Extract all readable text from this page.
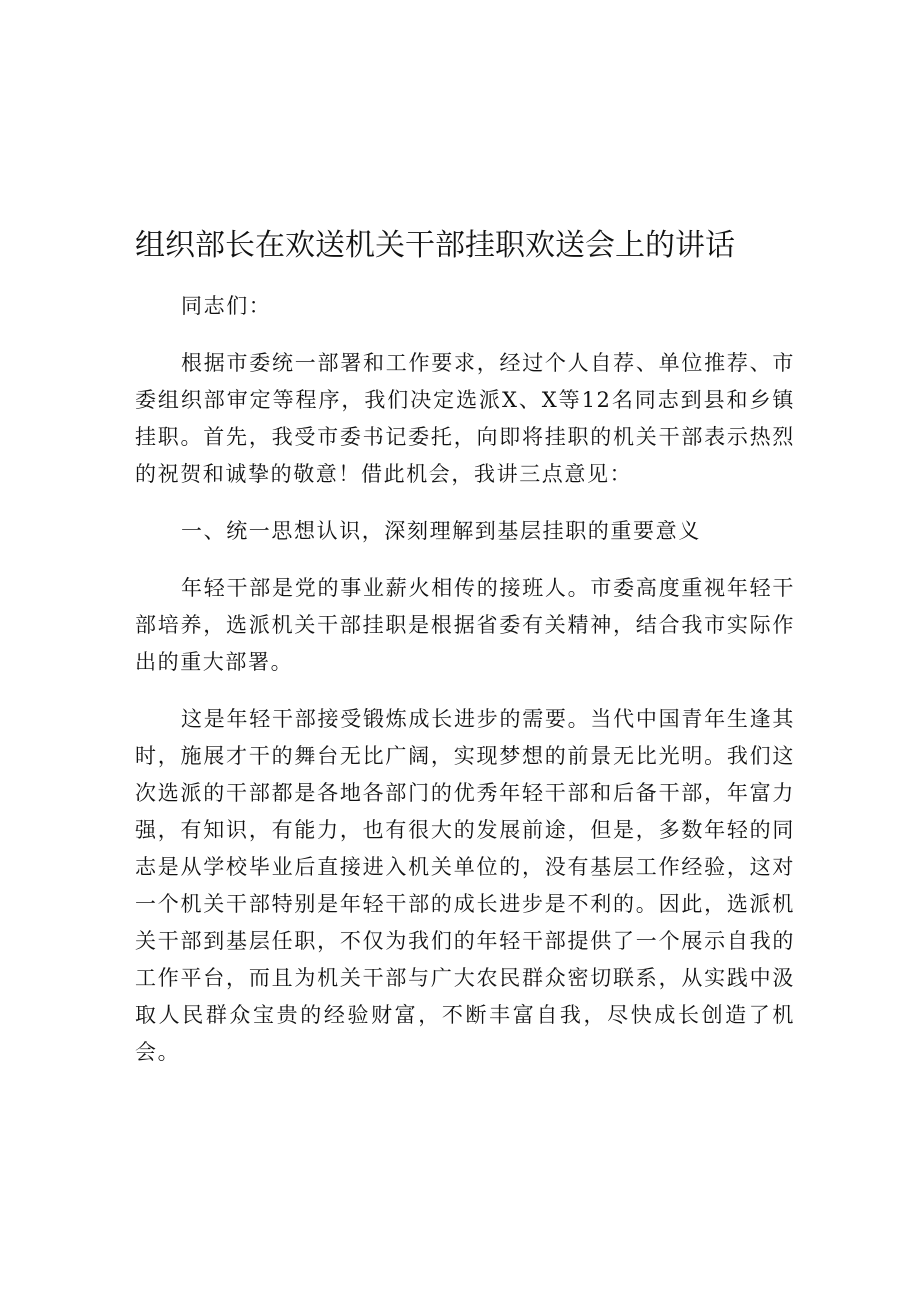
组织部长在欢送机关干部挂职欢送会上的讲话

同志们：

根据市委统一部署和工作要求，经过个人自荐、单位推荐、市委组织部审定等程序，我们决定选派X、X等12名同志到县和乡镇挂职。首先，我受市委书记委托，向即将挂职的机关干部表示热烈的祝贺和诚挚的敬意！借此机会，我讲三点意见：

一、统一思想认识，深刻理解到基层挂职的重要意义

年轻干部是党的事业薪火相传的接班人。市委高度重视年轻干部培养，选派机关干部挂职是根据省委有关精神，结合我市实际作出的重大部署。

这是年轻干部接受锻炼成长进步的需要。当代中国青年生逢其时，施展才干的舞台无比广阔，实现梦想的前景无比光明。我们这次选派的干部都是各地各部门的优秀年轻干部和后备干部，年富力强，有知识，有能力，也有很大的发展前途，但是，多数年轻的同志是从学校毕业后直接进入机关单位的，没有基层工作经验，这对一个机关干部特别是年轻干部的成长进步是不利的。因此，选派机关干部到基层任职，不仅为我们的年轻干部提供了一个展示自我的工作平台，而且为机关干部与广大农民群众密切联系，从实践中汲取人民群众宝贵的经验财富，不断丰富自我，尽快成长创造了机会。
